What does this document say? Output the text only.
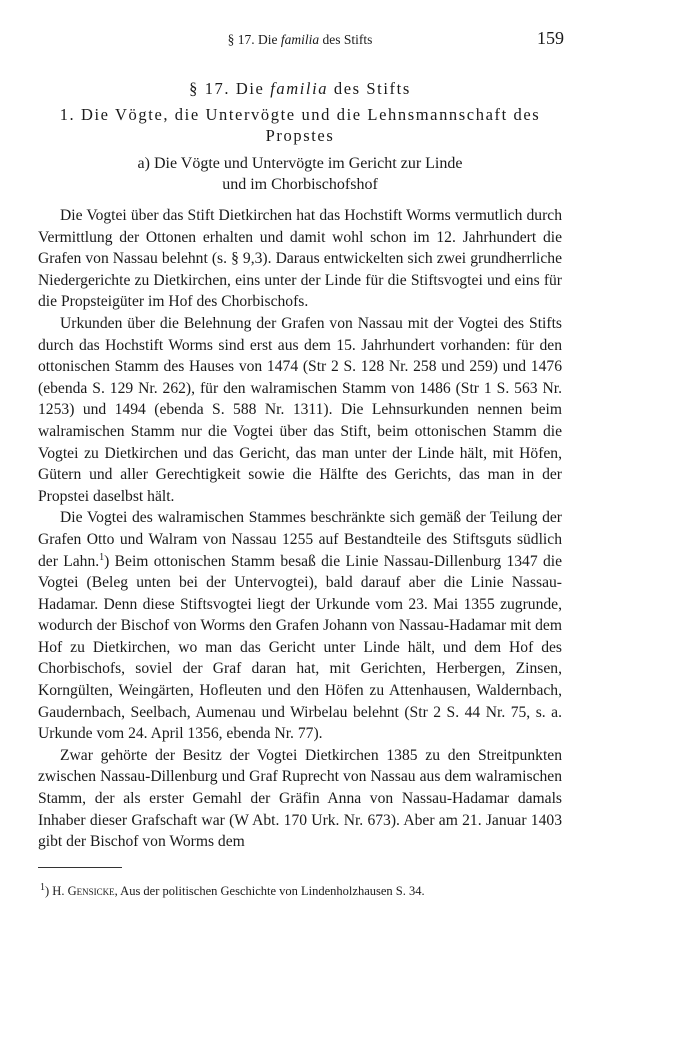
§ 17. Die familia des Stifts	159
§ 17. Die familia des Stifts
1. Die Vögte, die Untervögte und die Lehnsmannschaft des Propstes
a) Die Vögte und Untervögte im Gericht zur Linde
und im Chorbischofshof

Die Vogtei über das Stift Dietkirchen hat das Hochstift Worms vermutlich durch Vermittlung der Ottonen erhalten und damit wohl schon im 12. Jahrhundert die Grafen von Nassau belehnt (s. § 9,3). Daraus entwickelten sich zwei grundherrliche Niedergerichte zu Dietkirchen, eins unter der Linde für die Stiftsvogtei und eins für die Propsteigüter im Hof des Chorbischofs.

Urkunden über die Belehnung der Grafen von Nassau mit der Vogtei des Stifts durch das Hochstift Worms sind erst aus dem 15. Jahrhundert vorhanden: für den ottonischen Stamm des Hauses von 1474 (Str 2 S. 128 Nr. 258 und 259) und 1476 (ebenda S. 129 Nr. 262), für den walramischen Stamm von 1486 (Str 1 S. 563 Nr. 1253) und 1494 (ebenda S. 588 Nr. 1311). Die Lehnsurkunden nennen beim walramischen Stamm nur die Vogtei über das Stift, beim ottonischen Stamm die Vogtei zu Dietkirchen und das Gericht, das man unter der Linde hält, mit Höfen, Gütern und aller Gerechtigkeit sowie die Hälfte des Gerichts, das man in der Propstei daselbst hält.

Die Vogtei des walramischen Stammes beschränkte sich gemäß der Teilung der Grafen Otto und Walram von Nassau 1255 auf Bestandteile des Stiftsguts südlich der Lahn.$^1$) Beim ottonischen Stamm besaß die Linie Nassau-Dillenburg 1347 die Vogtei (Beleg unten bei der Untervogtei), bald darauf aber die Linie Nassau-Hadamar. Denn diese Stiftsvogtei liegt der Urkunde vom 23. Mai 1355 zugrunde, wodurch der Bischof von Worms den Grafen Johann von Nassau-Hadamar mit dem Hof zu Dietkirchen, wo man das Gericht unter Linde hält, und dem Hof des Chorbischofs, soviel der Graf daran hat, mit Gerichten, Herbergen, Zinsen, Korngülten, Weingärten, Hofleuten und den Höfen zu Attenhausen, Waldernbach, Gaudernbach, Seelbach, Aumenau und Wirbelau belehnt (Str 2 S. 44 Nr. 75, s. a. Urkunde vom 24. April 1356, ebenda Nr. 77).

Zwar gehörte der Besitz der Vogtei Dietkirchen 1385 zu den Streitpunkten zwischen Nassau-Dillenburg und Graf Ruprecht von Nassau aus dem walramischen Stamm, der als erster Gemahl der Gräfin Anna von Nassau-Hadamar damals Inhaber dieser Grafschaft war (W Abt. 170 Urk. Nr. 673). Aber am 21. Januar 1403 gibt der Bischof von Worms dem

$^1$) H. Gensicke, Aus der politischen Geschichte von Lindenholzhausen S. 34.
